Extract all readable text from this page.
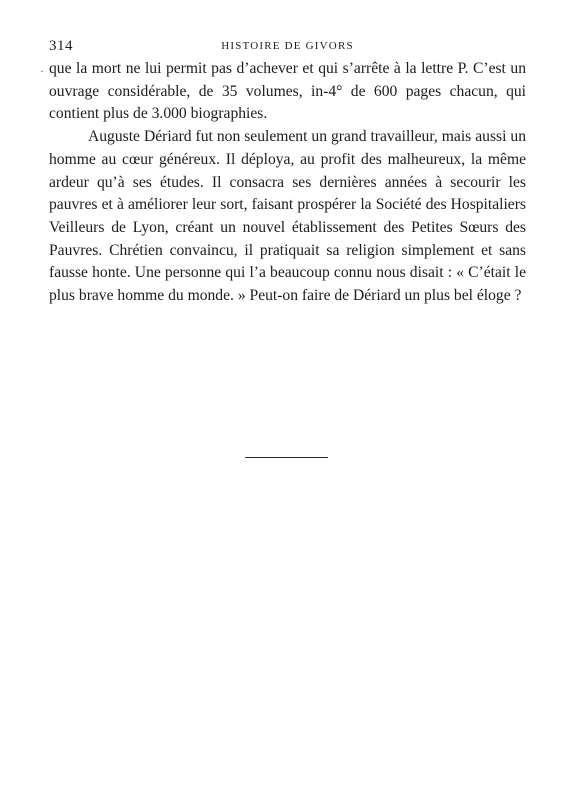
314	HISTOIRE DE GIVORS
· que la mort ne lui permit pas d’achever et qui s’arrête à la lettre P. C’est un ouvrage considérable, de 35 volumes, in-4° de 600 pages chacun, qui contient plus de 3.000 biographies.

Auguste Dériard fut non seulement un grand travailleur, mais aussi un homme au cœur généreux. Il déploya, au profit des malheureux, la même ardeur qu’à ses études. Il consacra ses dernières années à secourir les pauvres et à améliorer leur sort, faisant prospérer la Société des Hospitaliers Veilleurs de Lyon, créant un nouvel établissement des Petites Sœurs des Pauvres. Chrétien convaincu, il pratiquait sa religion simplement et sans fausse honte. Une personne qui l’a beaucoup connu nous disait : « C’était le plus brave homme du monde. » Peut-on faire de Dériard un plus bel éloge ?
